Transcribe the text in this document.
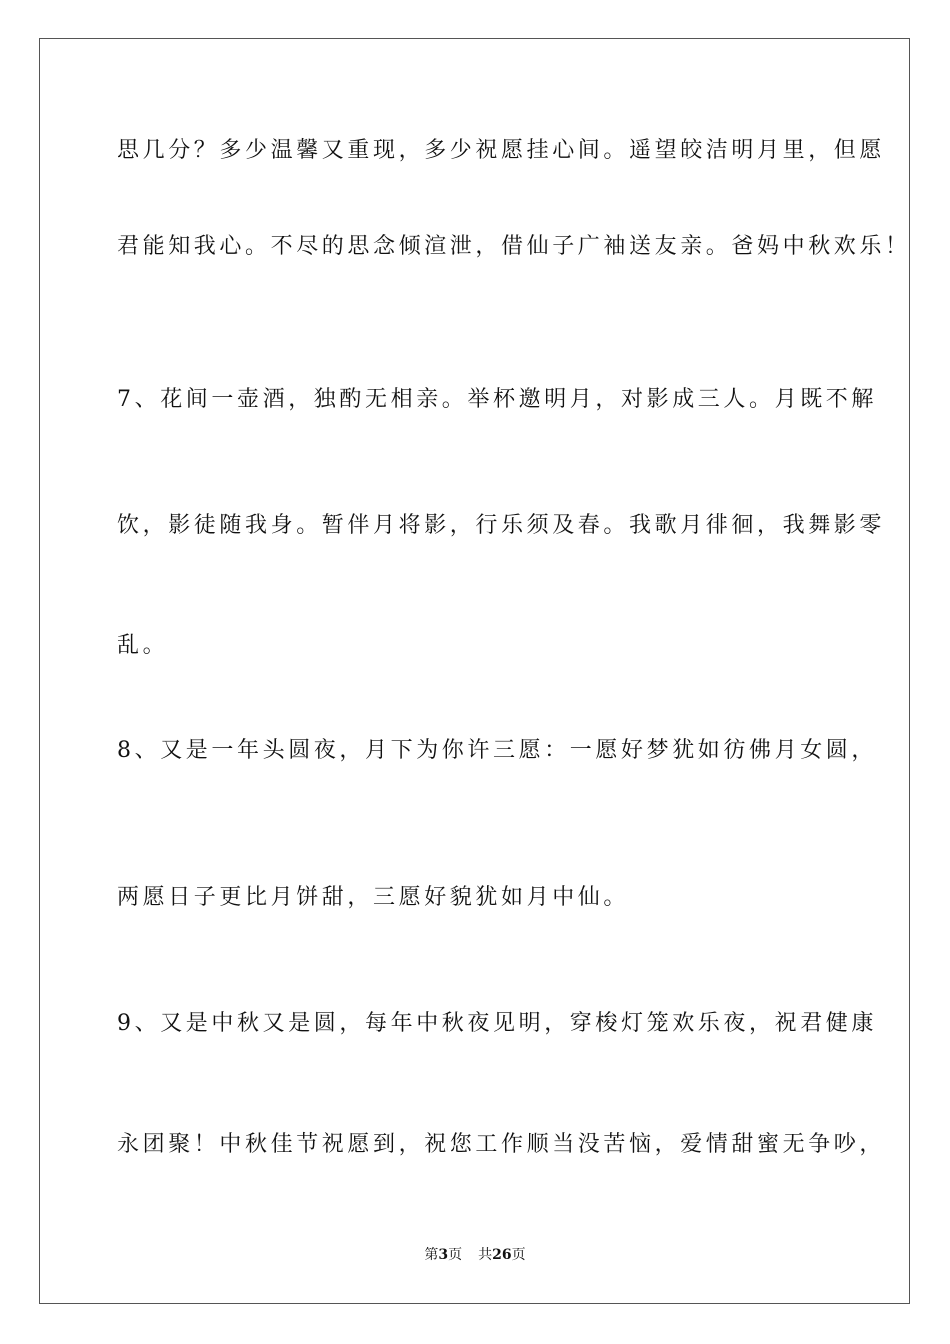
思几分？多少温馨又重现，多少祝愿挂心间。遥望皎洁明月里，但愿
君能知我心。不尽的思念倾渲泄，借仙子广袖送友亲。爸妈中秋欢乐！
7、花间一壶酒，独酌无相亲。举杯邀明月，对影成三人。月既不解
饮，影徒随我身。暂伴月将影，行乐须及春。我歌月徘徊，我舞影零
乱。
8、又是一年头圆夜，月下为你许三愿：一愿好梦犹如彷佛月女圆，
两愿日子更比月饼甜，三愿好貌犹如月中仙。
9、又是中秋又是圆，每年中秋夜见明，穿梭灯笼欢乐夜，祝君健康
永团聚！中秋佳节祝愿到，祝您工作顺当没苦恼，爱情甜蜜无争吵，
第3页 共26页
